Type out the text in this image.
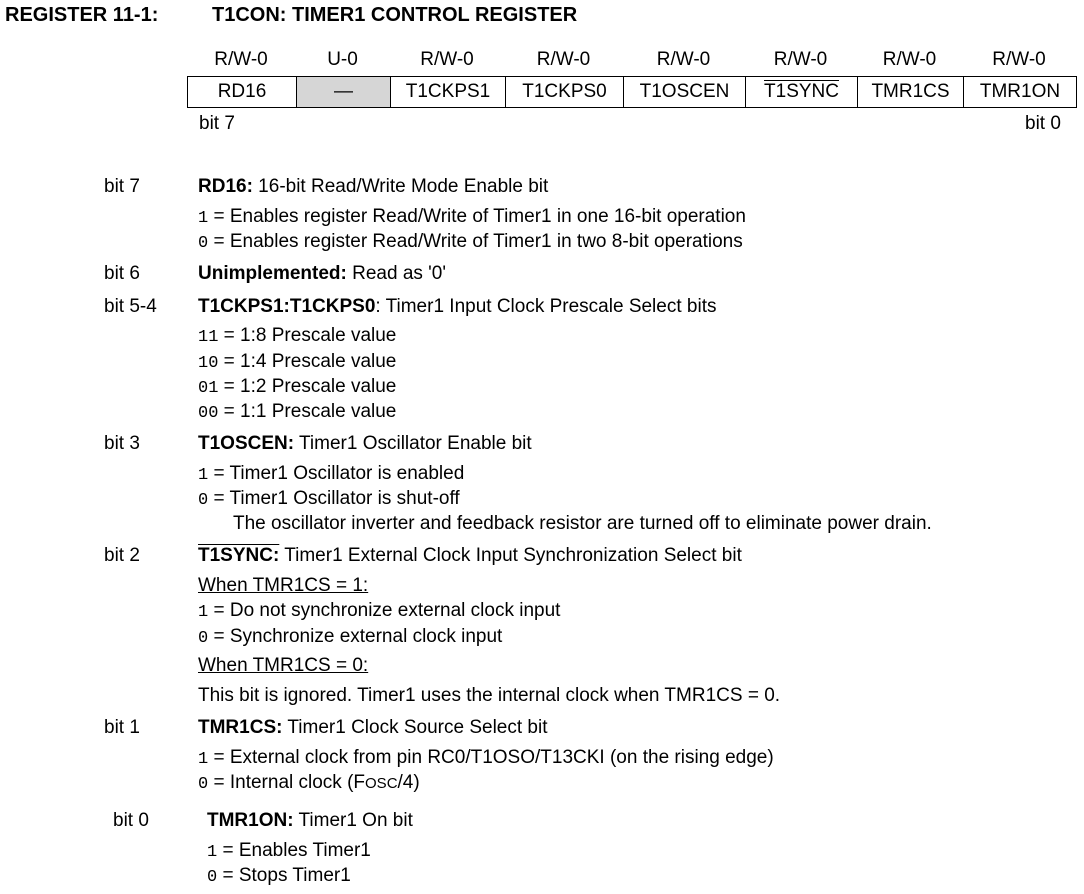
REGISTER 11-1:	T1CON: TIMER1 CONTROL REGISTER
R/W-0	U-0	R/W-0	R/W-0	R/W-0	R/W-0	R/W-0	R/W-0
RD16	—	T1CKPS1	T1CKPS0	T1OSCEN	T1SYNC	TMR1CS	TMR1ON
bit 7	bit 0
bit 7	RD16: 16-bit Read/Write Mode Enable bit
1 = Enables register Read/Write of Timer1 in one 16-bit operation
0 = Enables register Read/Write of Timer1 in two 8-bit operations
bit 6	Unimplemented: Read as '0'
bit 5-4 T1CKPS1:T1CKPS0: Timer1 Input Clock Prescale Select bits
11 = 1:8 Prescale value
10 = 1:4 Prescale value
01 = 1:2 Prescale value
00 = 1:1 Prescale value
bit 3	T1OSCEN: Timer1 Oscillator Enable bit
1 = Timer1 Oscillator is enabled
0 = Timer1 Oscillator is shut-off
The oscillator inverter and feedback resistor are turned off to eliminate power drain.
bit 2	T1SYNC: Timer1 External Clock Input Synchronization Select bit
When TMR1CS = 1:
1 = Do not synchronize external clock input
0 = Synchronize external clock input
When TMR1CS = 0:
This bit is ignored. Timer1 uses the internal clock when TMR1CS = 0.
bit 1	TMR1CS: Timer1 Clock Source Select bit
1 = External clock from pin RC0/T1OSO/T13CKI (on the rising edge)
0 = Internal clock (FOSC/4)
bit 0	TMR1ON: Timer1 On bit
1 = Enables Timer1
0 = Stops Timer1
